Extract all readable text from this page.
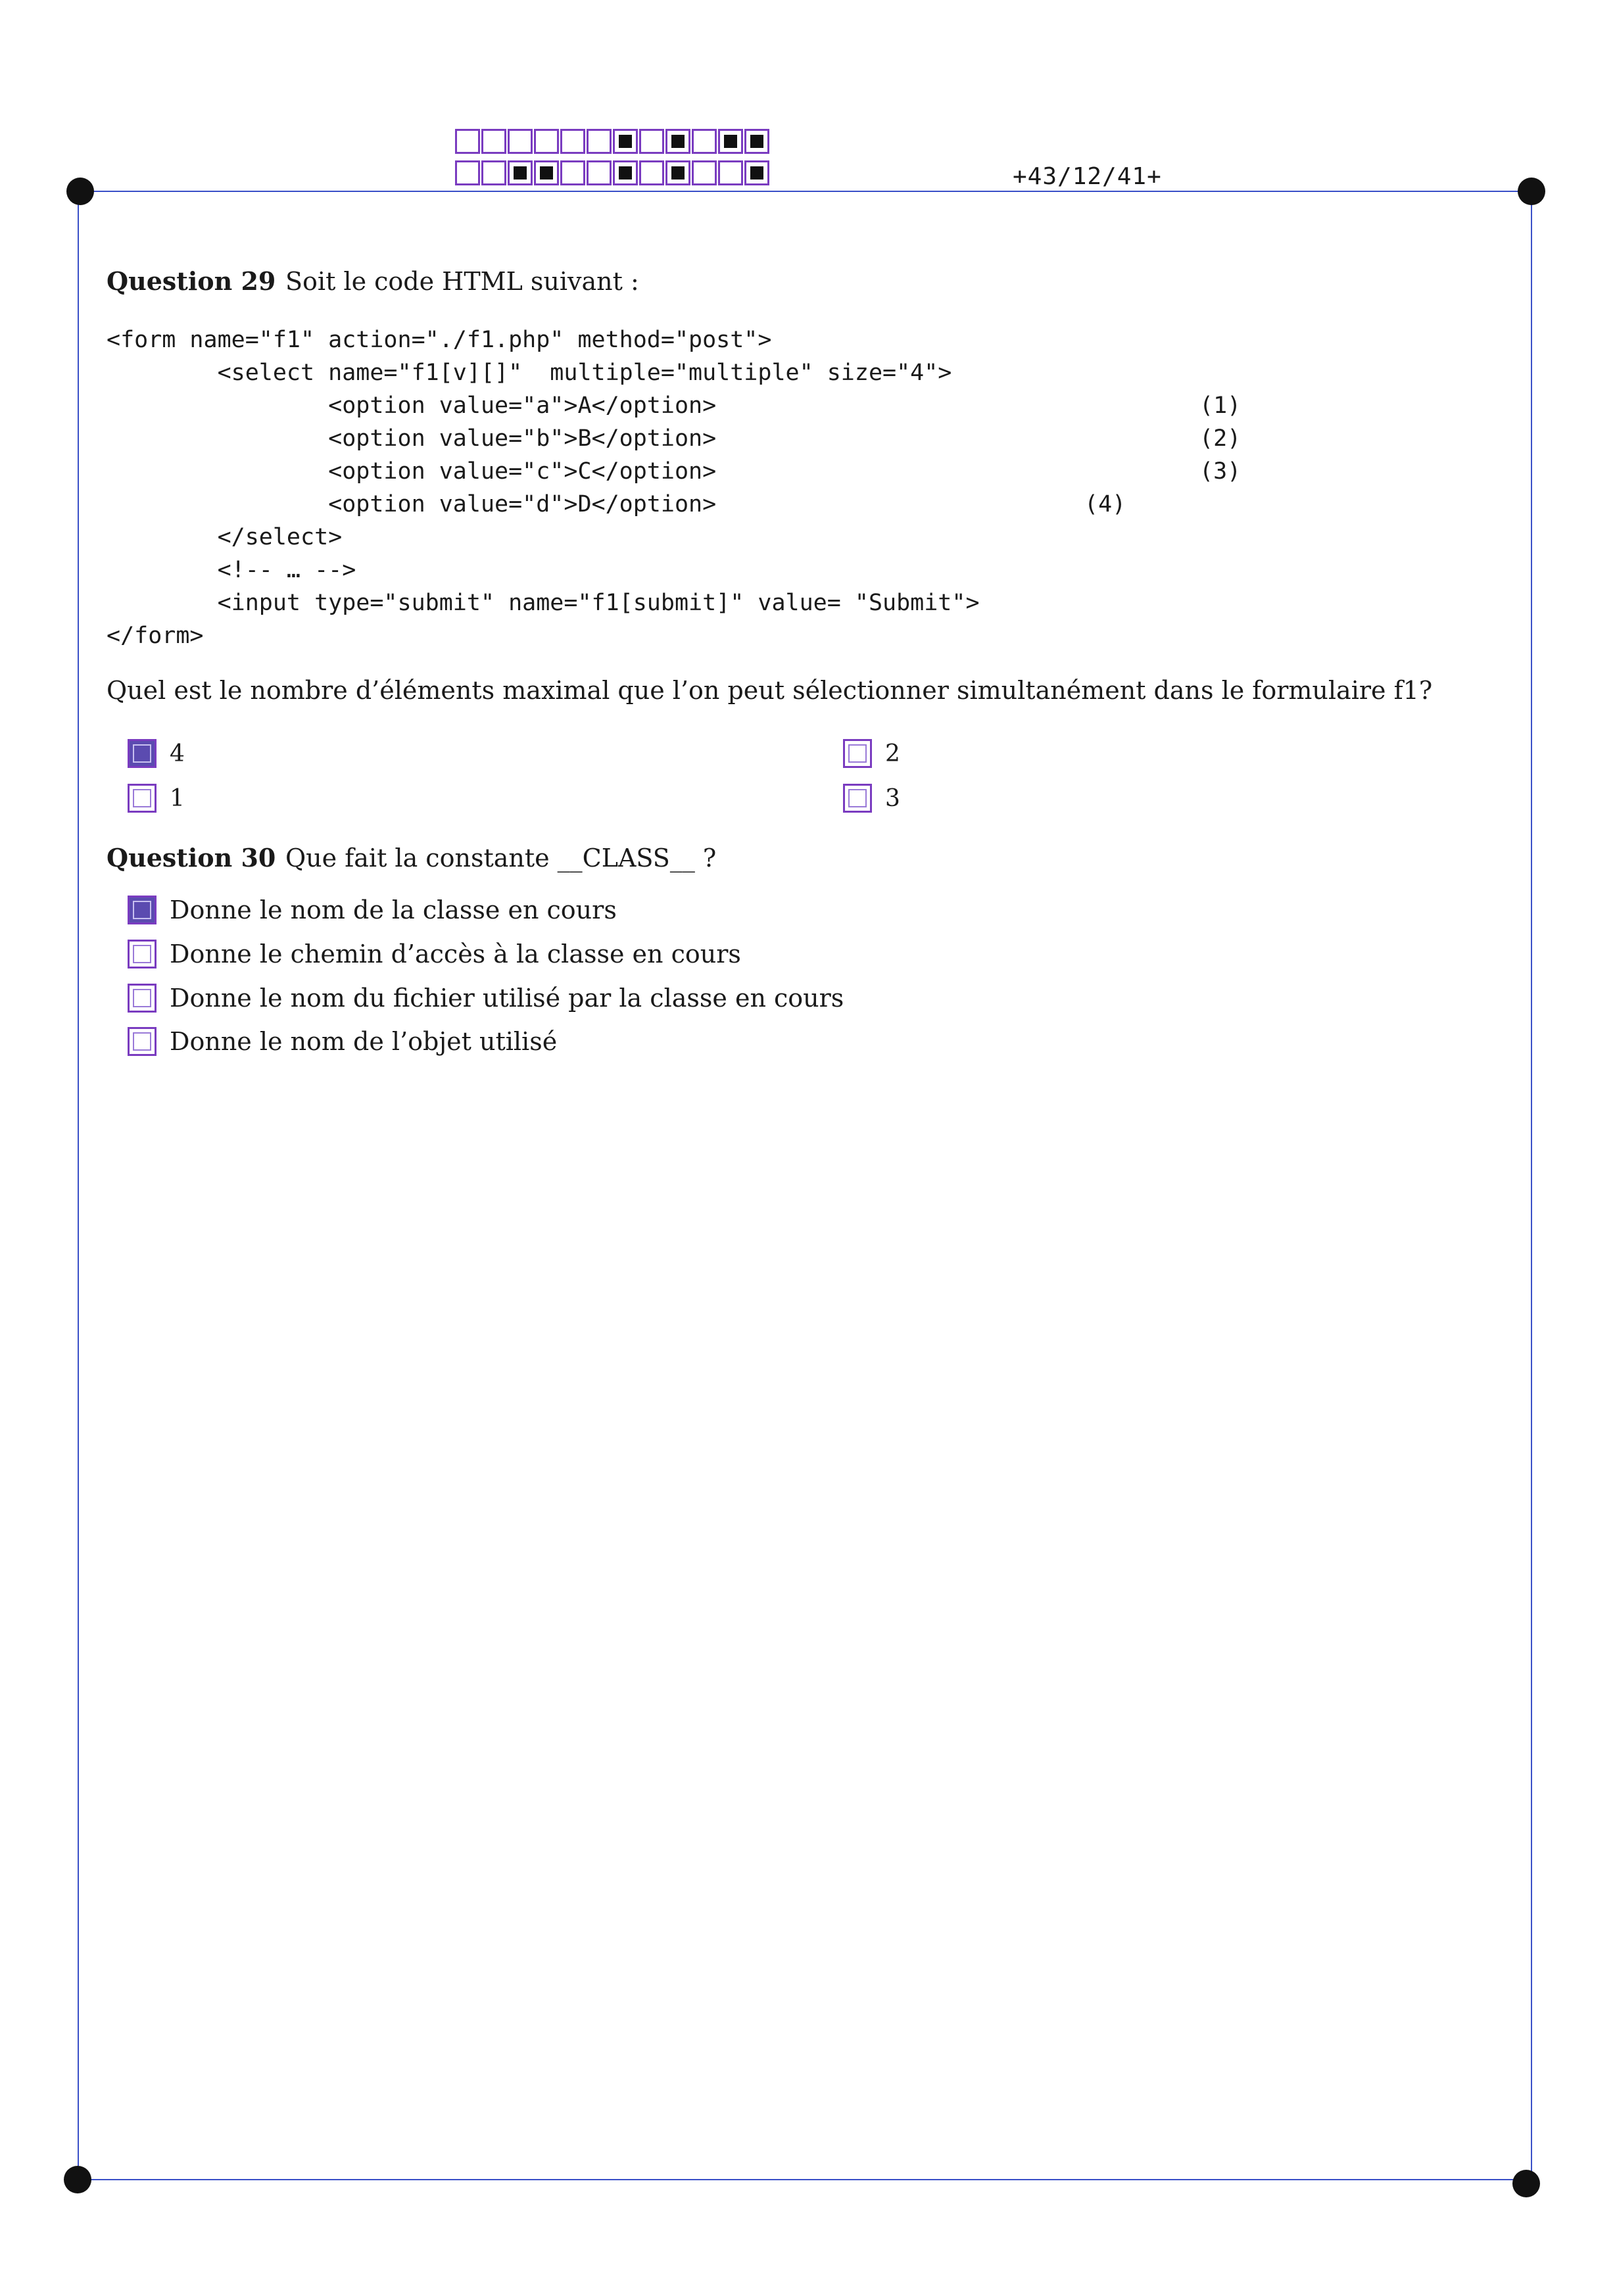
+43/12/41+
Question 29 Soit le code HTML suivant :
<form name="f1" action="./f1.php" method="post">
<select name="f1[v][]"  multiple="multiple" size="4">
<option value="a">A</option>	(1)
<option value="b">B</option>	(2)
<option value="c">C</option>	(3)
<option value="d">D</option>	(4)
</select>
<!-- … -->
<input type="submit" name="f1[submit]" value= "Submit">
</form>
Quel est le nombre d’éléments maximal que l’on peut sélectionner simultanément dans le formulaire f1?
4	2
1	3
Question 30 Que fait la constante __CLASS__ ?
Donne le nom de la classe en cours
Donne le chemin d’accès à la classe en cours
Donne le nom du fichier utilisé par la classe en cours
Donne le nom de l’objet utilisé
